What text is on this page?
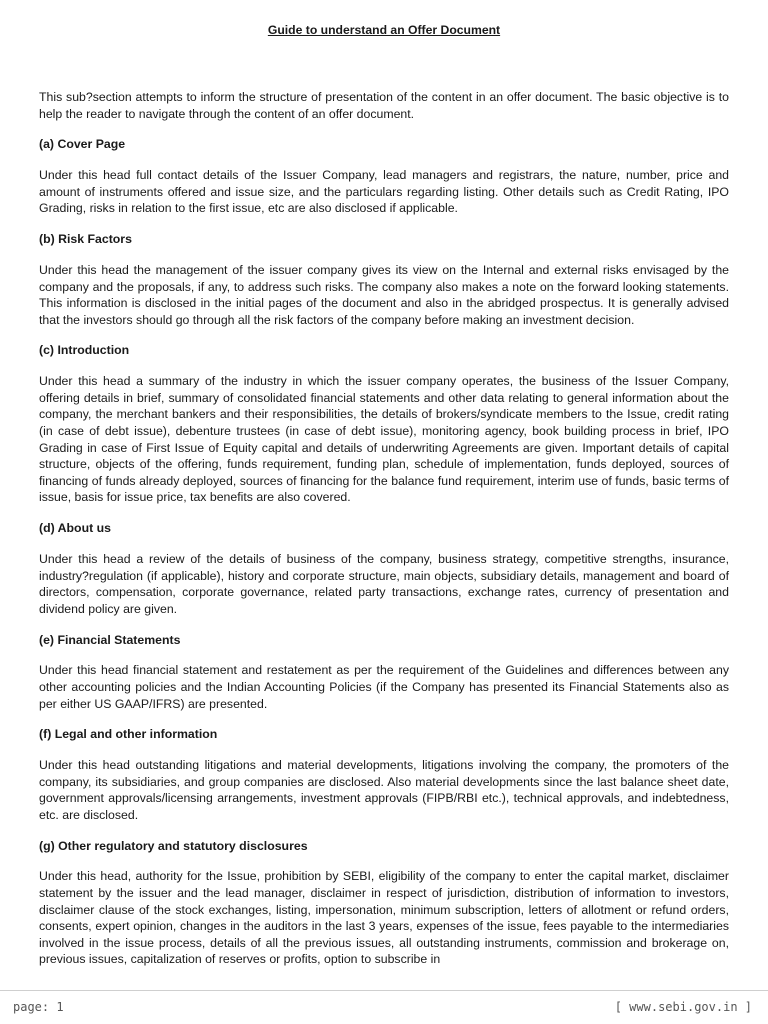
Guide to understand an Offer Document

This sub?section attempts to inform the structure of presentation of the content in an offer document. The basic objective is to help the reader to navigate through the content of an offer document.

(a) Cover Page

Under this head full contact details of the Issuer Company, lead managers and registrars, the nature, number, price and amount of instruments offered and issue size, and the particulars regarding listing. Other details such as Credit Rating, IPO Grading, risks in relation to the first issue, etc are also disclosed if applicable.

(b) Risk Factors

Under this head the management of the issuer company gives its view on the Internal and external risks envisaged by the company and the proposals, if any, to address such risks. The company also makes a note on the forward looking statements. This information is disclosed in the initial pages of the document and also in the abridged prospectus. It is generally advised that the investors should go through all the risk factors of the company before making an investment decision.

(c) Introduction

Under this head a summary of the industry in which the issuer company operates, the business of the Issuer Company, offering details in brief, summary of consolidated financial statements and other data relating to general information about the company, the merchant bankers and their responsibilities, the details of brokers/syndicate members to the Issue, credit rating (in case of debt issue), debenture trustees (in case of debt issue), monitoring agency, book building process in brief, IPO Grading in case of First Issue of Equity capital and details of underwriting Agreements are given. Important details of capital structure, objects of the offering, funds requirement, funding plan, schedule of implementation, funds deployed, sources of financing of funds already deployed, sources of financing for the balance fund requirement, interim use of funds, basic terms of issue, basis for issue price, tax benefits are also covered.

(d) About us

Under this head a review of the details of business of the company, business strategy, competitive strengths, insurance, industry?regulation (if applicable), history and corporate structure, main objects, subsidiary details, management and board of directors, compensation, corporate governance, related party transactions, exchange rates, currency of presentation and dividend policy are given.

(e) Financial Statements

Under this head financial statement and restatement as per the requirement of the Guidelines and differences between any other accounting policies and the Indian Accounting Policies (if the Company has presented its Financial Statements also as per either US GAAP/IFRS) are presented.

(f) Legal and other information

Under this head outstanding litigations and material developments, litigations involving the company, the promoters of the company, its subsidiaries, and group companies are disclosed. Also material developments since the last balance sheet date, government approvals/licensing arrangements, investment approvals (FIPB/RBI etc.), technical approvals, and indebtedness, etc. are disclosed.

(g) Other regulatory and statutory disclosures

Under this head, authority for the Issue, prohibition by SEBI, eligibility of the company to enter the capital market, disclaimer statement by the issuer and the lead manager, disclaimer in respect of jurisdiction, distribution of information to investors, disclaimer clause of the stock exchanges, listing, impersonation, minimum subscription, letters of allotment or refund orders, consents, expert opinion, changes in the auditors in the last 3 years, expenses of the issue, fees payable to the intermediaries involved in the issue process, details of all the previous issues, all outstanding instruments, commission and brokerage on, previous issues, capitalization of reserves or profits, option to subscribe in

page: 1	[ www.sebi.gov.in ]
